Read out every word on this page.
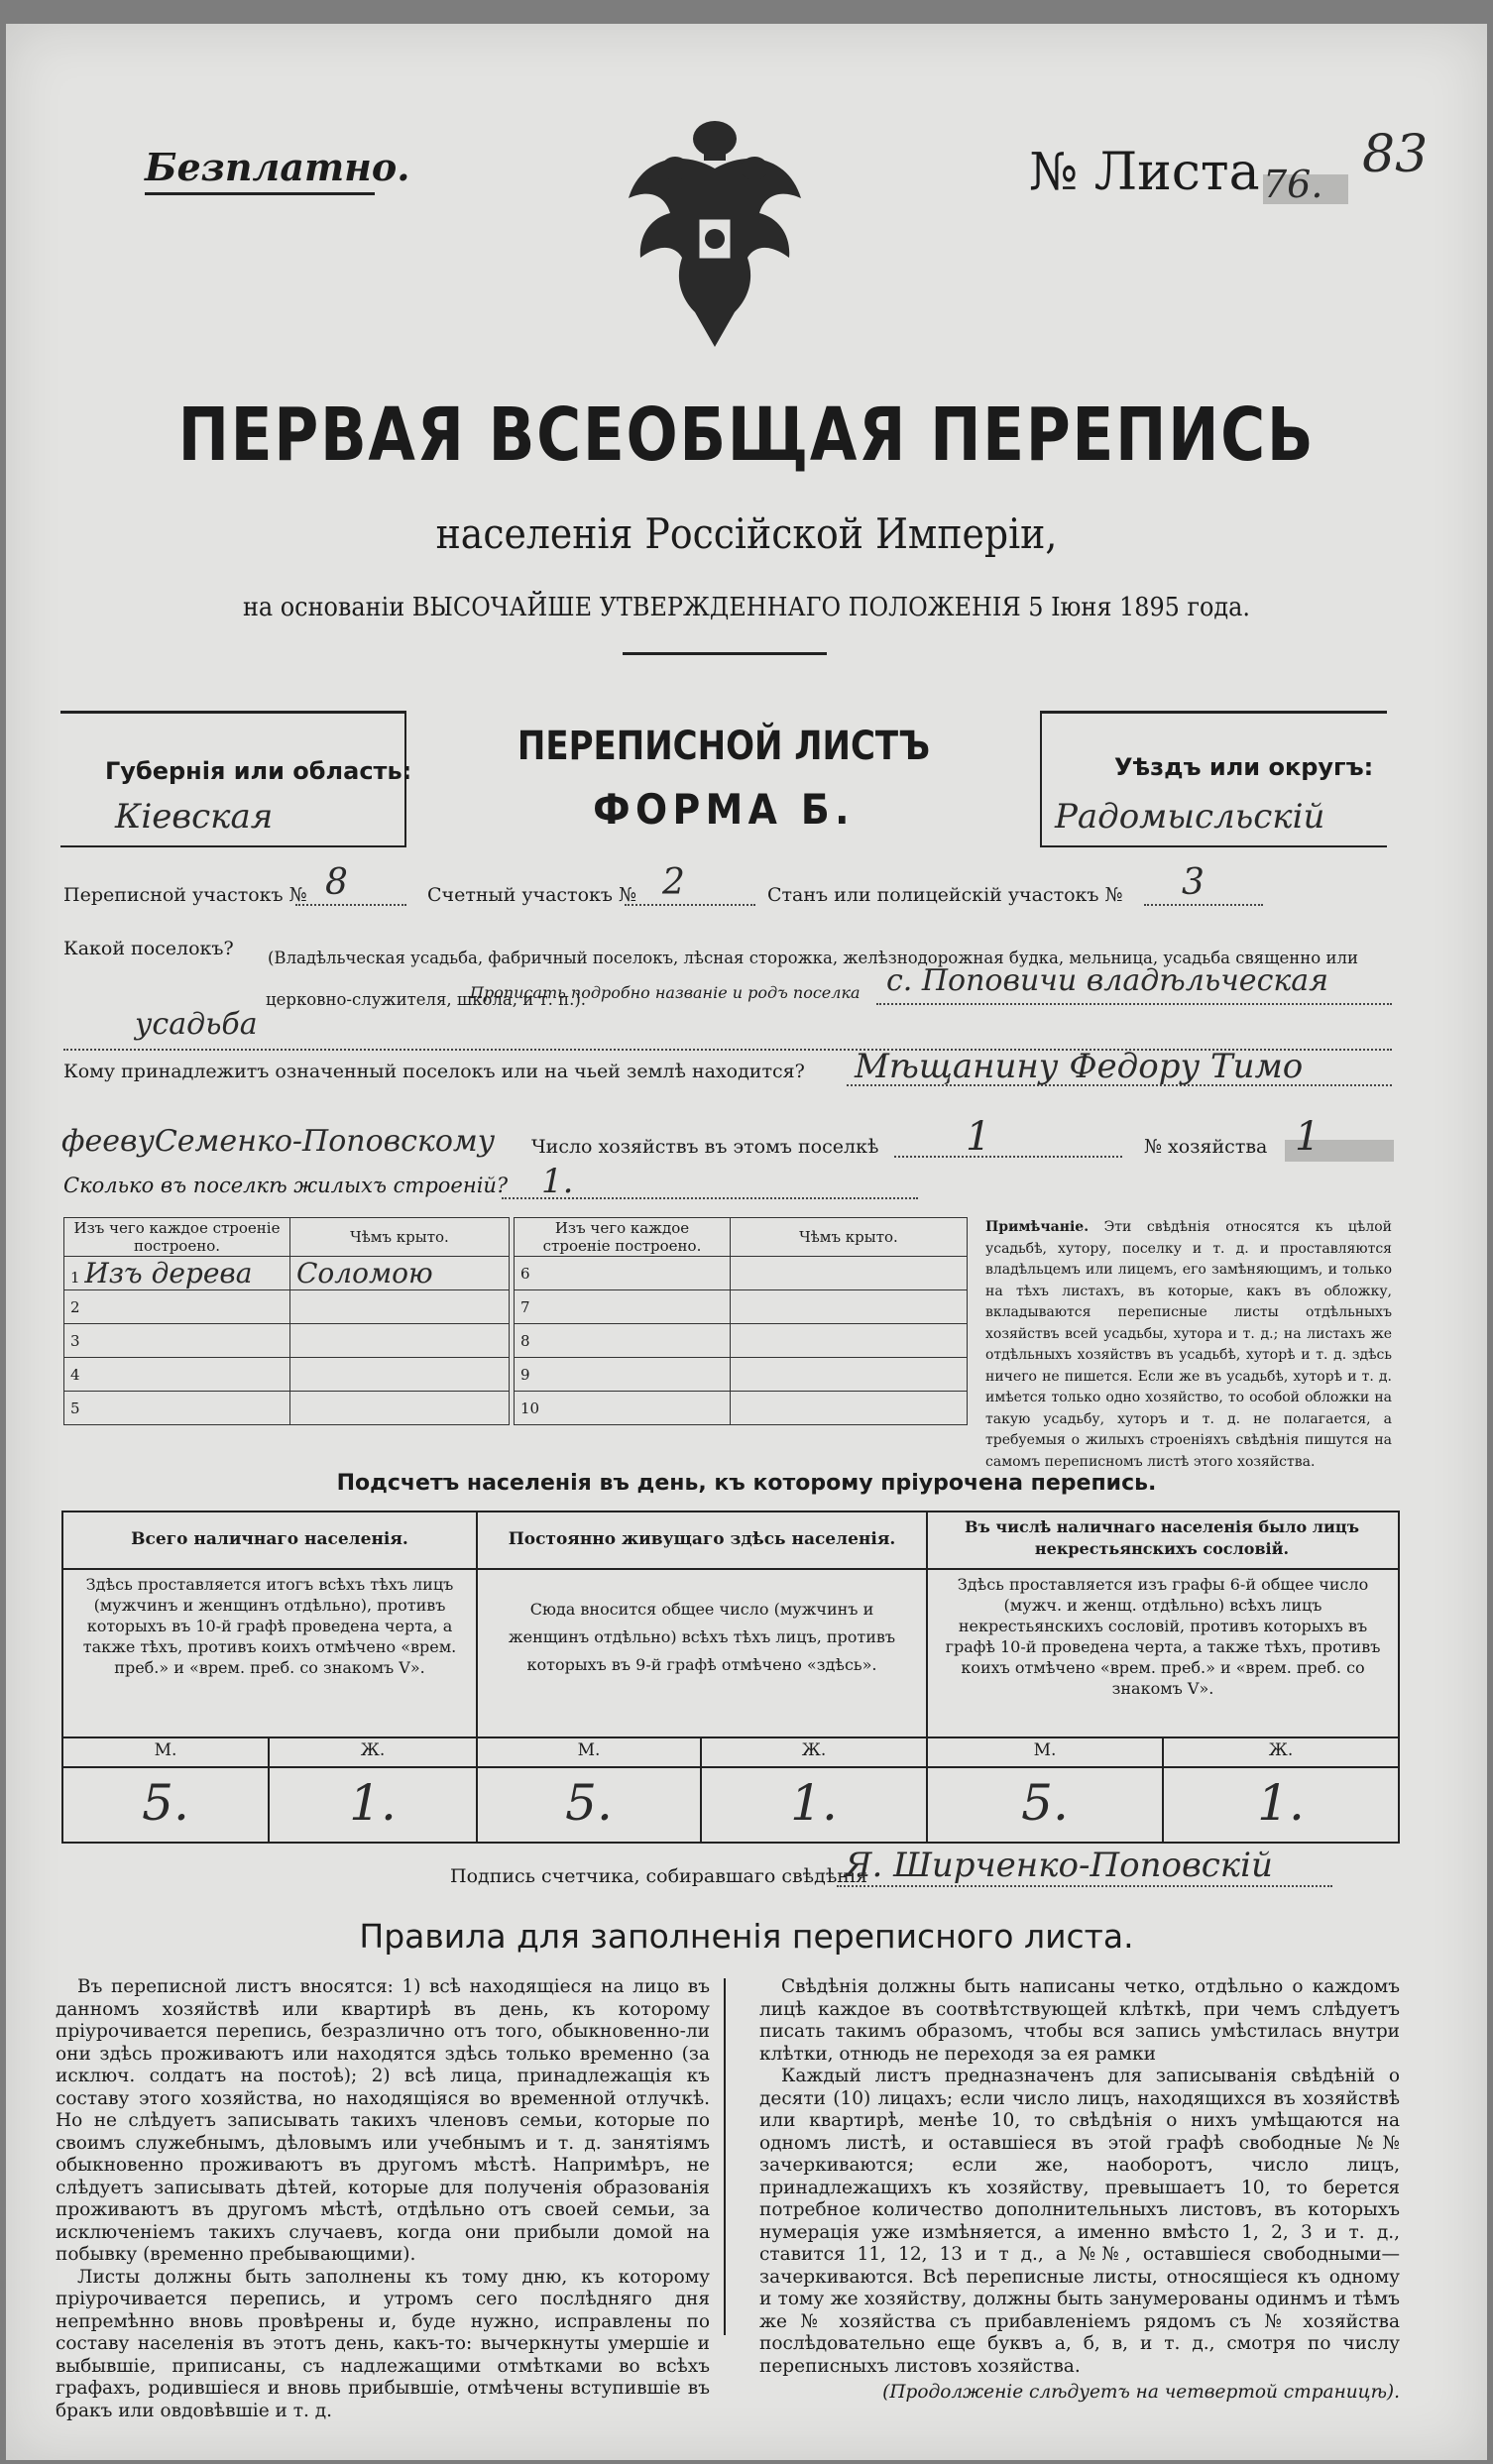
Безплатно.	№ Листа 76. 83
ПЕРВАЯ ВСЕОБЩАЯ ПЕРЕПИСЬ
населенія Россійской Имперіи,
на основаніи ВЫСОЧАЙШЕ УТВЕРЖДЕННАГО ПОЛОЖЕНІЯ 5 Іюня 1895 года.
Губернія или область:
Кіевская
ПЕРЕПИСНОЙ ЛИСТЪ
ФОРМА Б.
Уѣздъ или округъ:
Радомысльскій
Переписной участокъ № 8	Счетный участокъ № 2	Станъ или полицейскій участокъ № 3
Какой поселокъ? (Владѣльческая усадьба, фабричный поселокъ, лѣсная сторожка, желѣзнодорожная будка, мельница, усадьба священно или церковно-служителя, школа, и т. п.).
Прописать подробно названіе и родъ поселка с. Поповичи владѣльческая
усадьба
Кому принадлежитъ означенный поселокъ или на чьей землѣ находится? Мѣщанину Федору Тимо
феевуСеменко-Поповскому Число хозяйствъ въ этомъ поселкѣ 1	№ хозяйства 1
Сколько въ поселкѣ жилыхъ строеній? 1.
Изъ чего каждое строеніе построено.	Чѣмъ крыто.
1 Изъ дерева	Соломою
2	
3	
4	
5	
Изъ чего каждое строеніе построено.	Чѣмъ крыто.
6	
7	
8	
9	
10	
Примѣчаніе. Эти свѣдѣнія относятся къ цѣлой усадьбѣ, хутору, поселку и т. д. и проставляются владѣльцемъ или лицемъ, его замѣняющимъ, и только на тѣхъ листахъ, въ которые, какъ въ обложку, вкладываются переписные листы отдѣльныхъ хозяйствъ всей усадьбы, хутора и т. д.; на листахъ же отдѣльныхъ хозяйствъ въ усадьбѣ, хуторѣ и т. д. здѣсь ничего не пишется. Если же въ усадьбѣ, хуторѣ и т. д. имѣется только одно хозяйство, то особой обложки на такую усадьбу, хуторъ и т. д. не полагается, а требуемыя о жилыхъ строеніяхъ свѣдѣнія пишутся на самомъ переписномъ листѣ этого хозяйства.
Подсчетъ населенія въ день, къ которому пріурочена перепись.
Всего наличнаго населенія.
Здѣсь проставляется итогъ всѣхъ тѣхъ лицъ (мужчинъ и женщинъ отдѣльно), противъ которыхъ въ 10-й графѣ проведена черта, а также тѣхъ, противъ коихъ отмѣчено «врем. преб.» и «врем. преб. со знакомъ V».
Постоянно живущаго здѣсь населенія.
Сюда вносится общее число (мужчинъ и женщинъ отдѣльно) всѣхъ тѣхъ лицъ, противъ которыхъ въ 9-й графѣ отмѣчено «здѣсь».
Въ числѣ наличнаго населенія было лицъ некрестьянскихъ сословій.
Здѣсь проставляется изъ графы 6-й общее число (мужч. и женщ. отдѣльно) всѣхъ лицъ некрестьянскихъ сословій, противъ которыхъ въ графѣ 10-й проведена черта, а также тѣхъ, противъ коихъ отмѣчено «врем. преб.» и «врем. преб. со знакомъ V».
М.	Ж.	М.	Ж.	М.	Ж.
5.	1.	5.	1.	5.	1.
Подпись счетчика, собиравшаго свѣдѣнія
Я. Ширченко-Поповскій
Правила для заполненія переписного листа.
Въ переписной листъ вносятся: 1) всѣ находящіеся на лицо въ данномъ хозяйствѣ или квартирѣ въ день, къ которому пріурочивается перепись, безразлично отъ того, обыкновенно-ли они здѣсь проживаютъ или находятся здѣсь только временно (за исключ. солдатъ на постоѣ); 2) всѣ лица, принадлежащія къ составу этого хозяйства, но находящіяся во временной отлучкѣ. Но не слѣдуетъ записывать такихъ членовъ семьи, которые по своимъ служебнымъ, дѣловымъ или учебнымъ и т. д. занятіямъ обыкновенно проживаютъ въ другомъ мѣстѣ. Напримѣръ, не слѣдуетъ записывать дѣтей, которые для полученія образованія проживаютъ въ другомъ мѣстѣ, отдѣльно отъ своей семьи, за исключеніемъ такихъ случаевъ, когда они прибыли домой на побывку (временно пребывающими).
Листы должны быть заполнены къ тому дню, къ которому пріурочивается перепись, и утромъ сего послѣдняго дня непремѣнно вновь провѣрены и, буде нужно, исправлены по составу населенія въ этотъ день, какъ-то: вычеркнуты умершіе и выбывшіе, приписаны, съ надлежащими отмѣтками во всѣхъ графахъ, родившіеся и вновь прибывшіе, отмѣчены вступившіе въ бракъ или овдовѣвшіе и т. д.
Свѣдѣнія должны быть написаны четко, отдѣльно о каждомъ лицѣ каждое въ соотвѣтствующей клѣткѣ, при чемъ слѣдуетъ писать такимъ образомъ, чтобы вся запись умѣстилась внутри клѣтки, отнюдь не переходя за ея рамки
Каждый листъ предназначенъ для записыванія свѣдѣній о десяти (10) лицахъ; если число лицъ, находящихся въ хозяйствѣ или квартирѣ, менѣе 10, то свѣдѣнія о нихъ умѣщаются на одномъ листѣ, и оставшіеся въ этой графѣ свободные №№ зачеркиваются; если же, наоборотъ, число лицъ, принадлежащихъ къ хозяйству, превышаетъ 10, то берется потребное количество дополнительныхъ листовъ, въ которыхъ нумерація уже измѣняется, а именно вмѣсто 1, 2, 3 и т. д., ставится 11, 12, 13 и т д., а №№, оставшіеся свободными—зачеркиваются. Всѣ переписные листы, относящіеся къ одному и тому же хозяйству, должны быть занумерованы одинмъ и тѣмъ же № хозяйства съ прибавленіемъ рядомъ съ № хозяйства послѣдовательно еще буквъ а, б, в, и т. д., смотря по числу переписныхъ листовъ хозяйства.
(Продолженіе слѣдуетъ на четвертой страницѣ).
